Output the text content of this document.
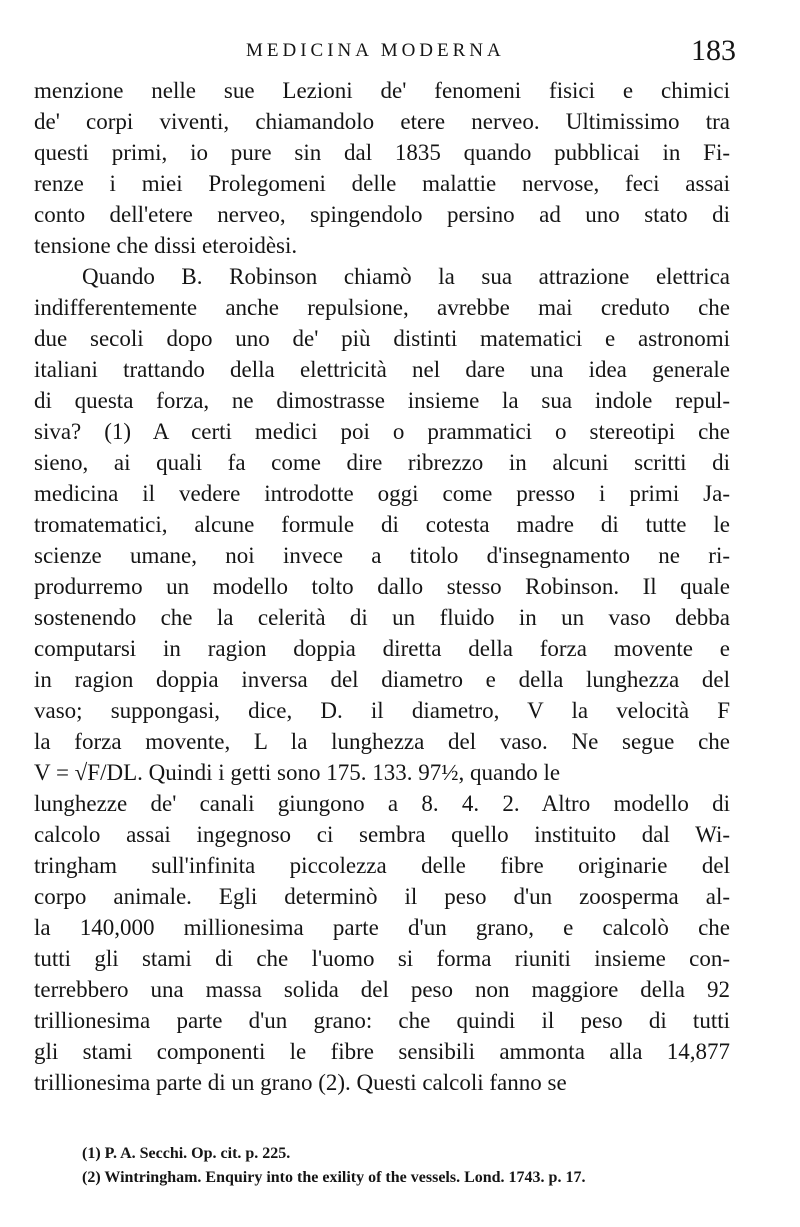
MEDICINA MODERNA	183
menzione nelle sue Lezioni de' fenomeni fisici e chimici
de' corpi viventi, chiamandolo etere nerveo. Ultimissimo tra
questi primi, io pure sin dal 1835 quando pubblicai in Fi-
renze i miei Prolegomeni delle malattie nervose, feci assai
conto dell'etere nerveo, spingendolo persino ad uno stato di
tensione che dissi eteroidèsi.
Quando B. Robinson chiamò la sua attrazione elettrica
indifferentemente anche repulsione, avrebbe mai creduto che
due secoli dopo uno de' più distinti matematici e astronomi
italiani trattando della elettricità nel dare una idea generale
di questa forza, ne dimostrasse insieme la sua indole repul-
siva? (1) A certi medici poi o prammatici o stereotipi che
sieno, ai quali fa come dire ribrezzo in alcuni scritti di
medicina il vedere introdotte oggi come presso i primi Ja-
tromatematici, alcune formule di cotesta madre di tutte le
scienze umane, noi invece a titolo d'insegnamento ne ri-
produrremo un modello tolto dallo stesso Robinson. Il quale
sostenendo che la celerità di un fluido in un vaso debba
computarsi in ragion doppia diretta della forza movente e
in ragion doppia inversa del diametro e della lunghezza del
vaso; suppongasi, dice, D. il diametro, V la velocità F
la forza movente, L la lunghezza del vaso. Ne segue che
V = √F/DL. Quindi i getti sono 175. 133. 97½, quando le
lunghezze de' canali giungono a 8. 4. 2. Altro modello di
calcolo assai ingegnoso ci sembra quello instituito dal Wi-
tringham sull'infinita piccolezza delle fibre originarie del
corpo animale. Egli determinò il peso d'un zoosperma al-
la 140,000 millionesima parte d'un grano, e calcolò che
tutti gli stami di che l'uomo si forma riuniti insieme con-
terrebbero una massa solida del peso non maggiore della 92
trillionesima parte d'un grano: che quindi il peso di tutti
gli stami componenti le fibre sensibili ammonta alla 14,877
trillionesima parte di un grano (2). Questi calcoli fanno se
(1) P. A. Secchi. Op. cit. p. 225.
(2) Wintringham. Enquiry into the exility of the vessels. Lond. 1743. p. 17.
